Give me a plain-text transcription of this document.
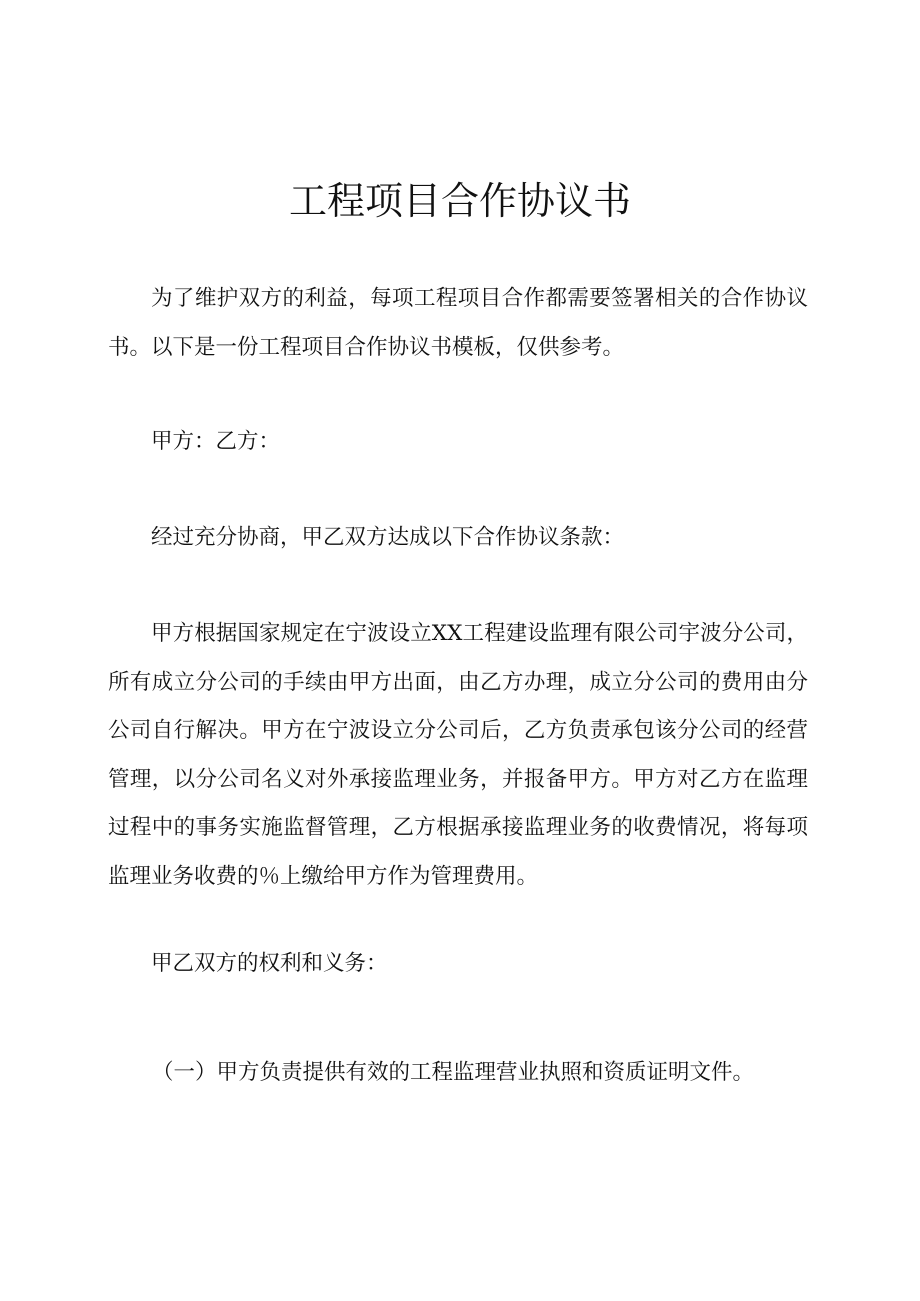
工程项目合作协议书

为了维护双方的利益，每项工程项目合作都需要签署相关的合作协议书。以下是一份工程项目合作协议书模板，仅供参考。

甲方：乙方：

经过充分协商，甲乙双方达成以下合作协议条款：

甲方根据国家规定在宁波设立XX工程建设监理有限公司宇波分公司，所有成立分公司的手续由甲方出面，由乙方办理，成立分公司的费用由分公司自行解决。甲方在宁波设立分公司后，乙方负责承包该分公司的经营管理，以分公司名义对外承接监理业务，并报备甲方。甲方对乙方在监理过程中的事务实施监督管理，乙方根据承接监理业务的收费情况，将每项监理业务收费的％上缴给甲方作为管理费用。

甲乙双方的权利和义务：

（一）甲方负责提供有效的工程监理营业执照和资质证明文件。
